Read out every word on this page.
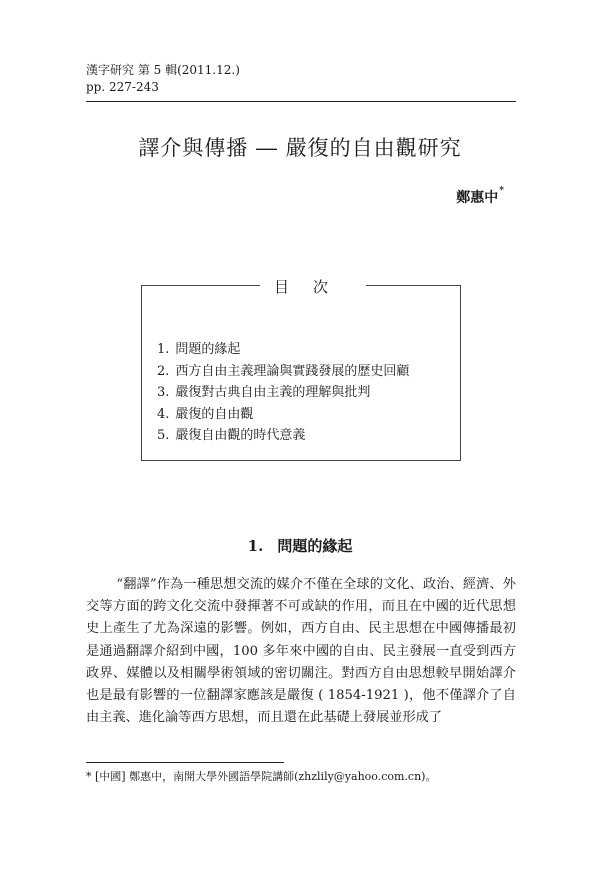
漢字研究 第 5 輯(2011.12.)
pp. 227-243
譯介與傳播 ― 嚴復的自由觀研究
鄭惠中*
目次
1. 問題的緣起
2. 西方自由主義理論與實踐發展的歷史回顧
3. 嚴復對古典自由主義的理解與批判
4. 嚴復的自由觀
5. 嚴復自由觀的時代意義
1. 問題的緣起

“翻譯”作為一種思想交流的媒介不僅在全球的文化、政治、經濟、外交等方面的跨文化交流中發揮著不可或缺的作用，而且在中國的近代思想史上產生了尤為深遠的影響。例如，西方自由、民主思想在中國傳播最初是通過翻譯介紹到中國，100 多年來中國的自由、民主發展一直受到西方政界、媒體以及相關學術領域的密切關注。對西方自由思想較早開始譯介也是最有影響的一位翻譯家應該是嚴復 ( 1854-1921 )，他不僅譯介了自由主義、進化論等西方思想，而且還在此基礎上發展並形成了

* [中國] 鄭惠中，南開大學外國語學院講師(zhzlily@yahoo.com.cn)。
